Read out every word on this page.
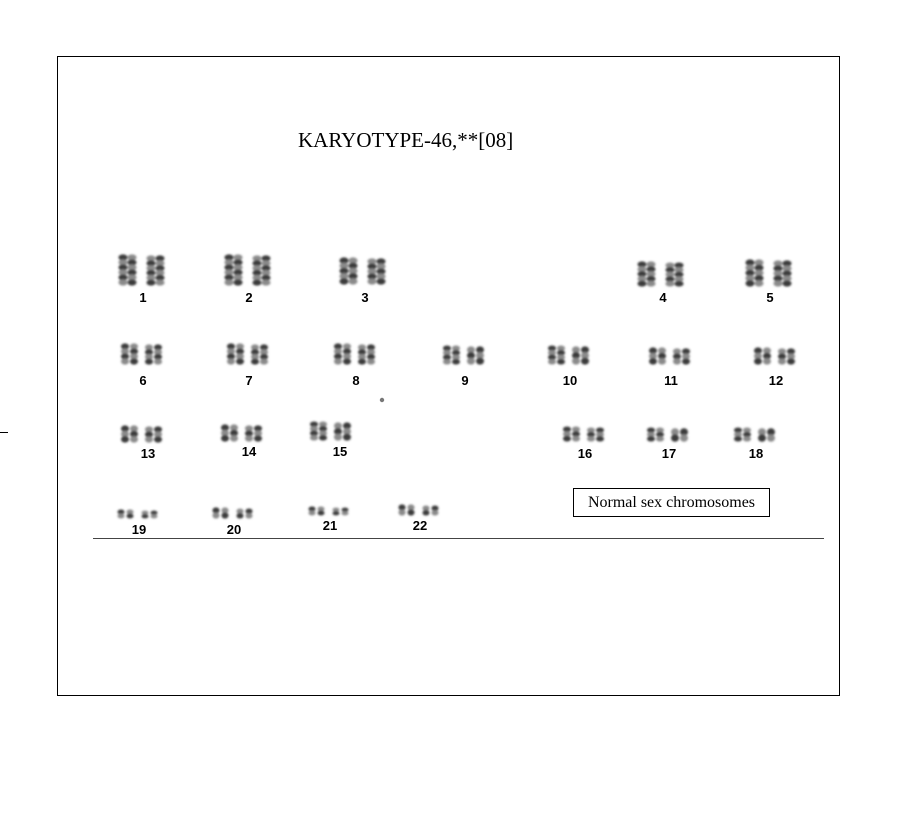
KARYOTYPE-46,**[08]
1	2	3	4	5
6	7	8	9	10	11	12
13	14	15	16	17	18
19	20	21	22
Normal sex chromosomes
